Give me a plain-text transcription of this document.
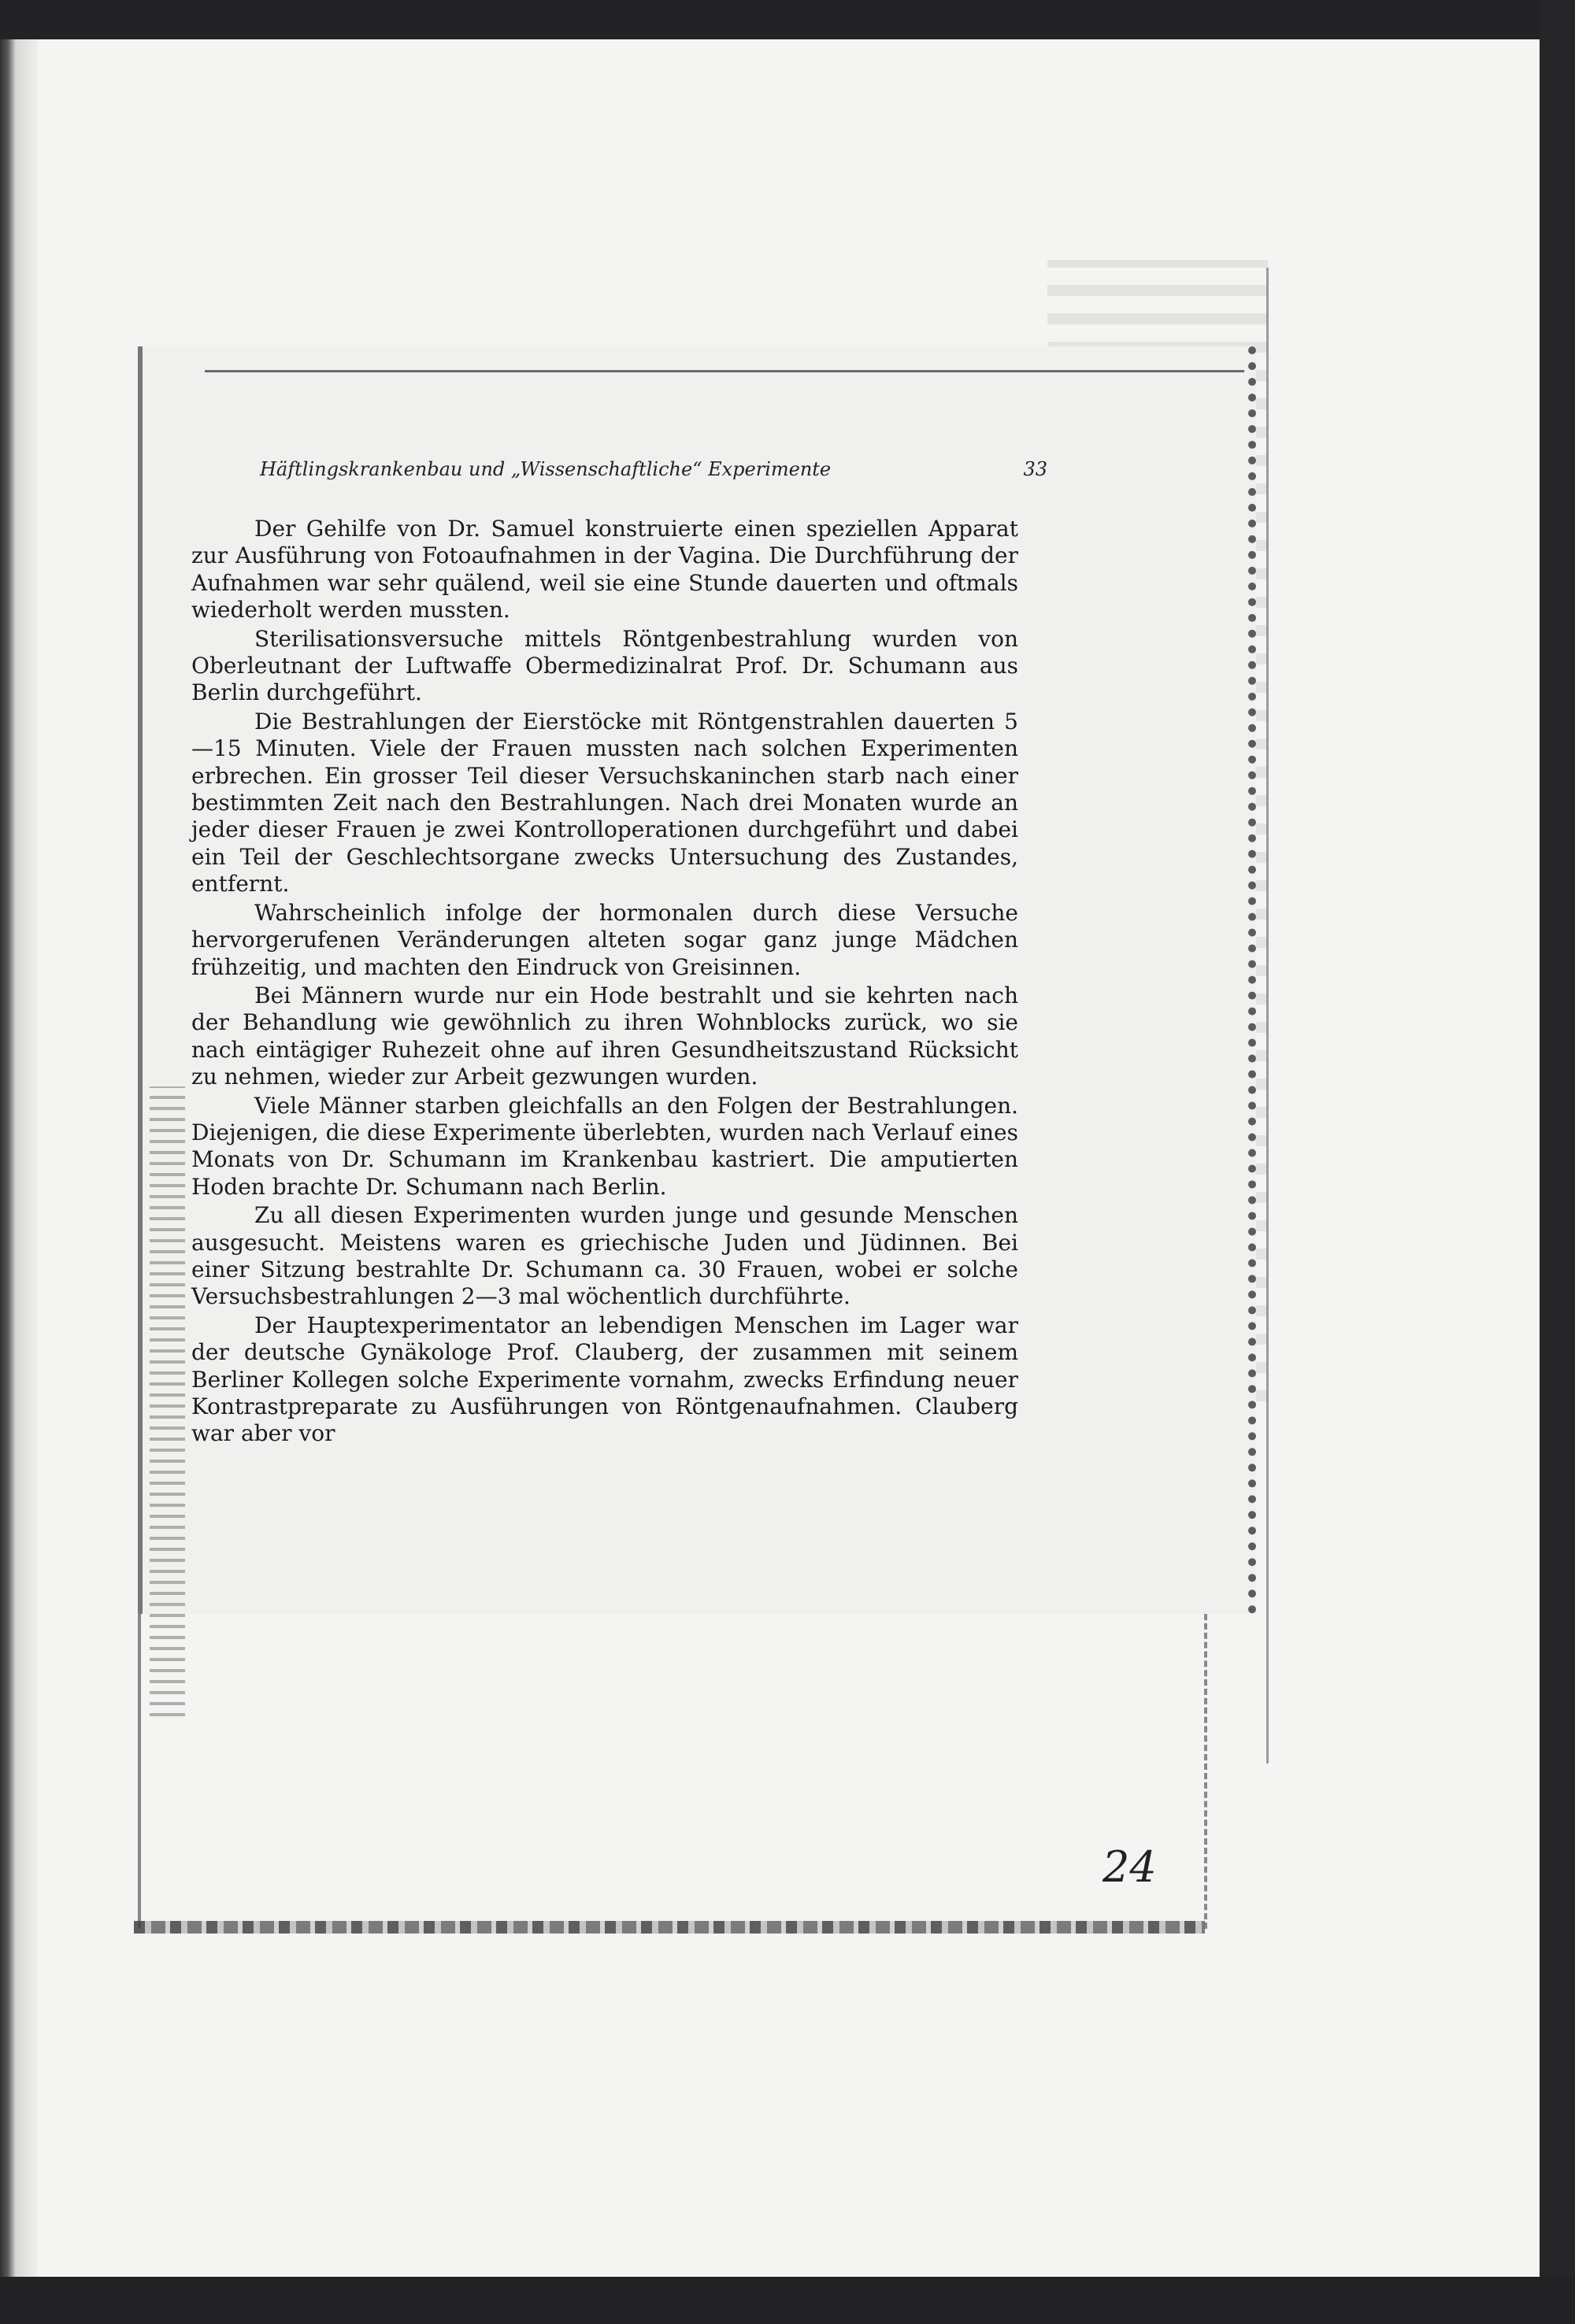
Häftlingskrankenbau und „Wissenschaftliche“ Experimente	33

Der Gehilfe von Dr. Samuel konstruierte einen speziellen Apparat zur Ausführung von Fotoaufnahmen in der Vagina. Die Durchführung der Aufnahmen war sehr quälend, weil sie eine Stunde dauerten und oftmals wiederholt werden mussten.

Sterilisationsversuche mittels Röntgenbestrahlung wurden von Oberleutnant der Luftwaffe Obermedizinalrat Prof. Dr. Schumann aus Berlin durchgeführt.

Die Bestrahlungen der Eierstöcke mit Röntgenstrahlen dauerten 5—15 Minuten. Viele der Frauen mussten nach solchen Experimenten erbrechen. Ein grosser Teil dieser Versuchskaninchen starb nach einer bestimmten Zeit nach den Bestrahlungen. Nach drei Monaten wurde an jeder dieser Frauen je zwei Kontrolloperationen durchgeführt und dabei ein Teil der Geschlechtsorgane zwecks Untersuchung des Zustandes, entfernt.

Wahrscheinlich infolge der hormonalen durch diese Versuche hervorgerufenen Veränderungen alteten sogar ganz junge Mädchen frühzeitig, und machten den Eindruck von Greisinnen.

Bei Männern wurde nur ein Hode bestrahlt und sie kehrten nach der Behandlung wie gewöhnlich zu ihren Wohnblocks zurück, wo sie nach eintägiger Ruhezeit ohne auf ihren Gesundheitszustand Rücksicht zu nehmen, wieder zur Arbeit gezwungen wurden.

Viele Männer starben gleichfalls an den Folgen der Bestrahlungen. Diejenigen, die diese Experimente überlebten, wurden nach Verlauf eines Monats von Dr. Schumann im Krankenbau kastriert. Die amputierten Hoden brachte Dr. Schumann nach Berlin.

Zu all diesen Experimenten wurden junge und gesunde Menschen ausgesucht. Meistens waren es griechische Juden und Jüdinnen. Bei einer Sitzung bestrahlte Dr. Schumann ca. 30 Frauen, wobei er solche Versuchsbestrahlungen 2—3 mal wöchentlich durchführte.

Der Hauptexperimentator an lebendigen Menschen im Lager war der deutsche Gynäkologe Prof. Clauberg, der zusammen mit seinem Berliner Kollegen solche Experimente vornahm, zwecks Erfindung neuer Kontrastpreparate zu Ausführungen von Röntgenaufnahmen. Clauberg war aber vor

24
